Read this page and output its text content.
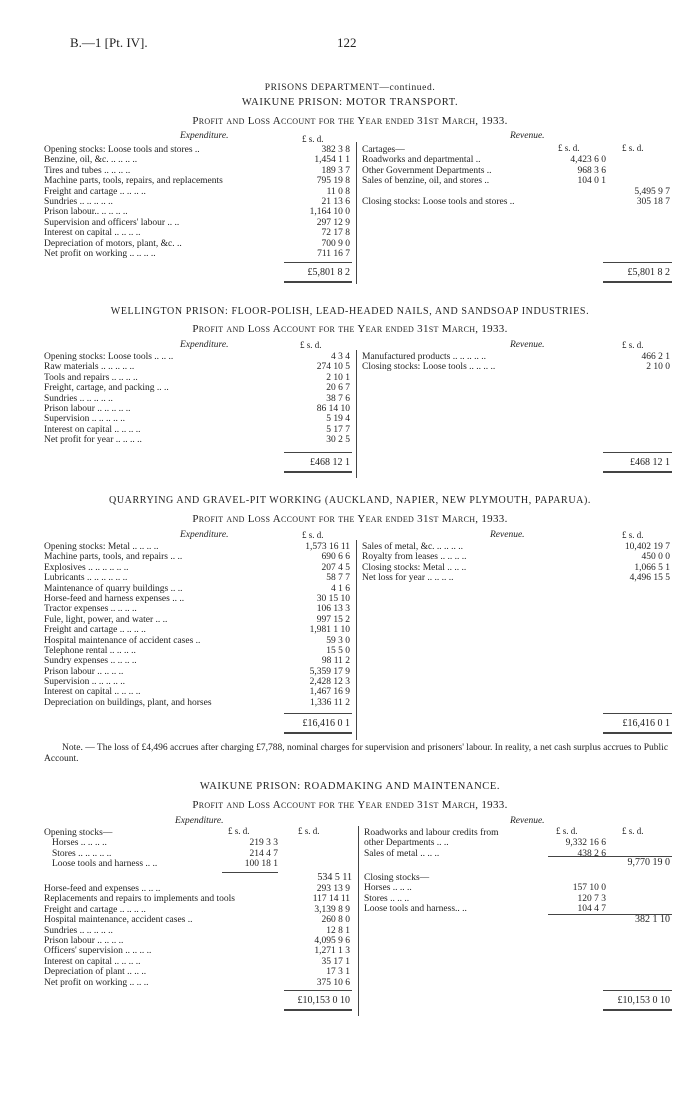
B.—1 [Pt. IV].	122
PRISONS DEPARTMENT—continued.
WAIKUNE PRISON: MOTOR TRANSPORT.
Profit and Loss Account for the Year ended 31st March, 1933.
Expenditure.	Revenue.
£ s. d.
£ s. d.	£ s. d.
Opening stocks: Loose tools and stores ..	382 3 8
Benzine, oil, &c. .. .. .. ..	1,454 1 1
Tires and tubes .. .. .. ..	189 3 7
Machine parts, tools, repairs, and replacements	795 19 8
Freight and cartage .. .. .. ..	11 0 8
Sundries .. .. .. .. ..	21 13 6
Prison labour.. .. .. .. ..	1,164 10 0
Supervision and officers' labour .. ..	297 12 9
Interest on capital .. .. .. ..	72 17 8
Depreciation of motors, plant, &c. ..	700 9 0
Net profit on working .. .. .. ..	711 16 7
Cartages—
Roadworks and departmental ..	4,423 6 0
Other Government Departments ..	968 3 6
Sales of benzine, oil, and stores ..	104 0 1
5,495 9 7
Closing stocks: Loose tools and stores ..	305 18 7
£5,801 8 2	£5,801 8 2
WELLINGTON PRISON: FLOOR-POLISH, LEAD-HEADED NAILS, AND SANDSOAP INDUSTRIES.
Profit and Loss Account for the Year ended 31st March, 1933.
Expenditure.	Revenue.
£ s. d.	£ s. d.
Opening stocks: Loose tools .. .. ..	4 3 4
Raw materials .. .. .. .. ..	274 10 5
Tools and repairs .. .. .. ..	2 10 1
Freight, cartage, and packing .. ..	20 6 7
Sundries .. .. .. .. ..	38 7 6
Prison labour .. .. .. .. ..	86 14 10
Supervision .. .. .. .. ..	5 19 4
Interest on capital .. .. .. ..	5 17 7
Net profit for year .. .. .. ..	30 2 5
Manufactured products .. .. .. .. ..	466 2 1
Closing stocks: Loose tools .. .. .. ..	2 10 0
£468 12 1	£468 12 1
QUARRYING AND GRAVEL-PIT WORKING (AUCKLAND, NAPIER, NEW PLYMOUTH, PAPARUA).
Profit and Loss Account for the Year ended 31st March, 1933.
Expenditure.	Revenue.
£ s. d.	£ s. d.
Opening stocks: Metal .. .. .. ..	1,573 16 11
Machine parts, tools, and repairs .. ..	690 6 6
Explosives .. .. .. .. .. ..	207 4 5
Lubricants .. .. .. .. .. ..	58 7 7
Maintenance of quarry buildings .. ..	4 1 6
Horse-feed and harness expenses .. ..	30 15 10
Tractor expenses .. .. .. ..	106 13 3
Fule, light, power, and water .. ..	997 15 2
Freight and cartage .. .. .. ..	1,981 1 10
Hospital maintenance of accident cases ..	59 3 0
Telephone rental .. .. .. ..	15 5 0
Sundry expenses .. .. .. ..	98 11 2
Prison labour .. .. .. ..	5,359 17 9
Supervision .. .. .. .. ..	2,428 12 3
Interest on capital .. .. .. ..	1,467 16 9
Depreciation on buildings, plant, and horses	1,336 11 2
Sales of metal, &c. .. .. .. ..	10,402 19 7
Royalty from leases .. .. .. ..	450 0 0
Closing stocks: Metal .. .. ..	1,066 5 1
Net loss for year .. .. .. ..	4,496 15 5
£16,416 0 1	£16,416 0 1
Note. — The loss of £4,496 accrues after charging £7,788, nominal charges for supervision and prisoners' labour. In reality, a net cash surplus accrues to Public Account.
WAIKUNE PRISON: ROADMAKING AND MAINTENANCE.
Profit and Loss Account for the Year ended 31st March, 1933.
Expenditure.	Revenue.
£ s. d.	£ s. d.	£ s. d.	£ s. d.
Opening stocks—
Horses .. .. .. ..	219 3 3
Stores .. .. .. .. ..	214 4 7
Loose tools and harness .. ..	100 18 1
534 5 11
Horse-feed and expenses .. .. ..	293 13 9
Replacements and repairs to implements and tools	117 14 11
Freight and cartage .. .. .. ..	3,139 8 9
Hospital maintenance, accident cases ..	260 8 0
Sundries .. .. .. .. ..	12 8 1
Prison labour .. .. .. ..	4,095 9 6
Officers' supervision .. .. .. ..	1,271 1 3
Interest on capital .. .. .. ..	35 17 1
Depreciation of plant .. .. ..	17 3 1
Net profit on working .. .. ..	375 10 6
Roadworks and labour credits from
other Departments .. ..	9,332 16 6
Sales of metal .. .. ..	438 2 6
9,770 19 0
Closing stocks—
Horses .. .. ..	157 10 0
Stores .. .. ..	120 7 3
Loose tools and harness.. ..	104 4 7
382 1 10
£10,153 0 10	£10,153 0 10
